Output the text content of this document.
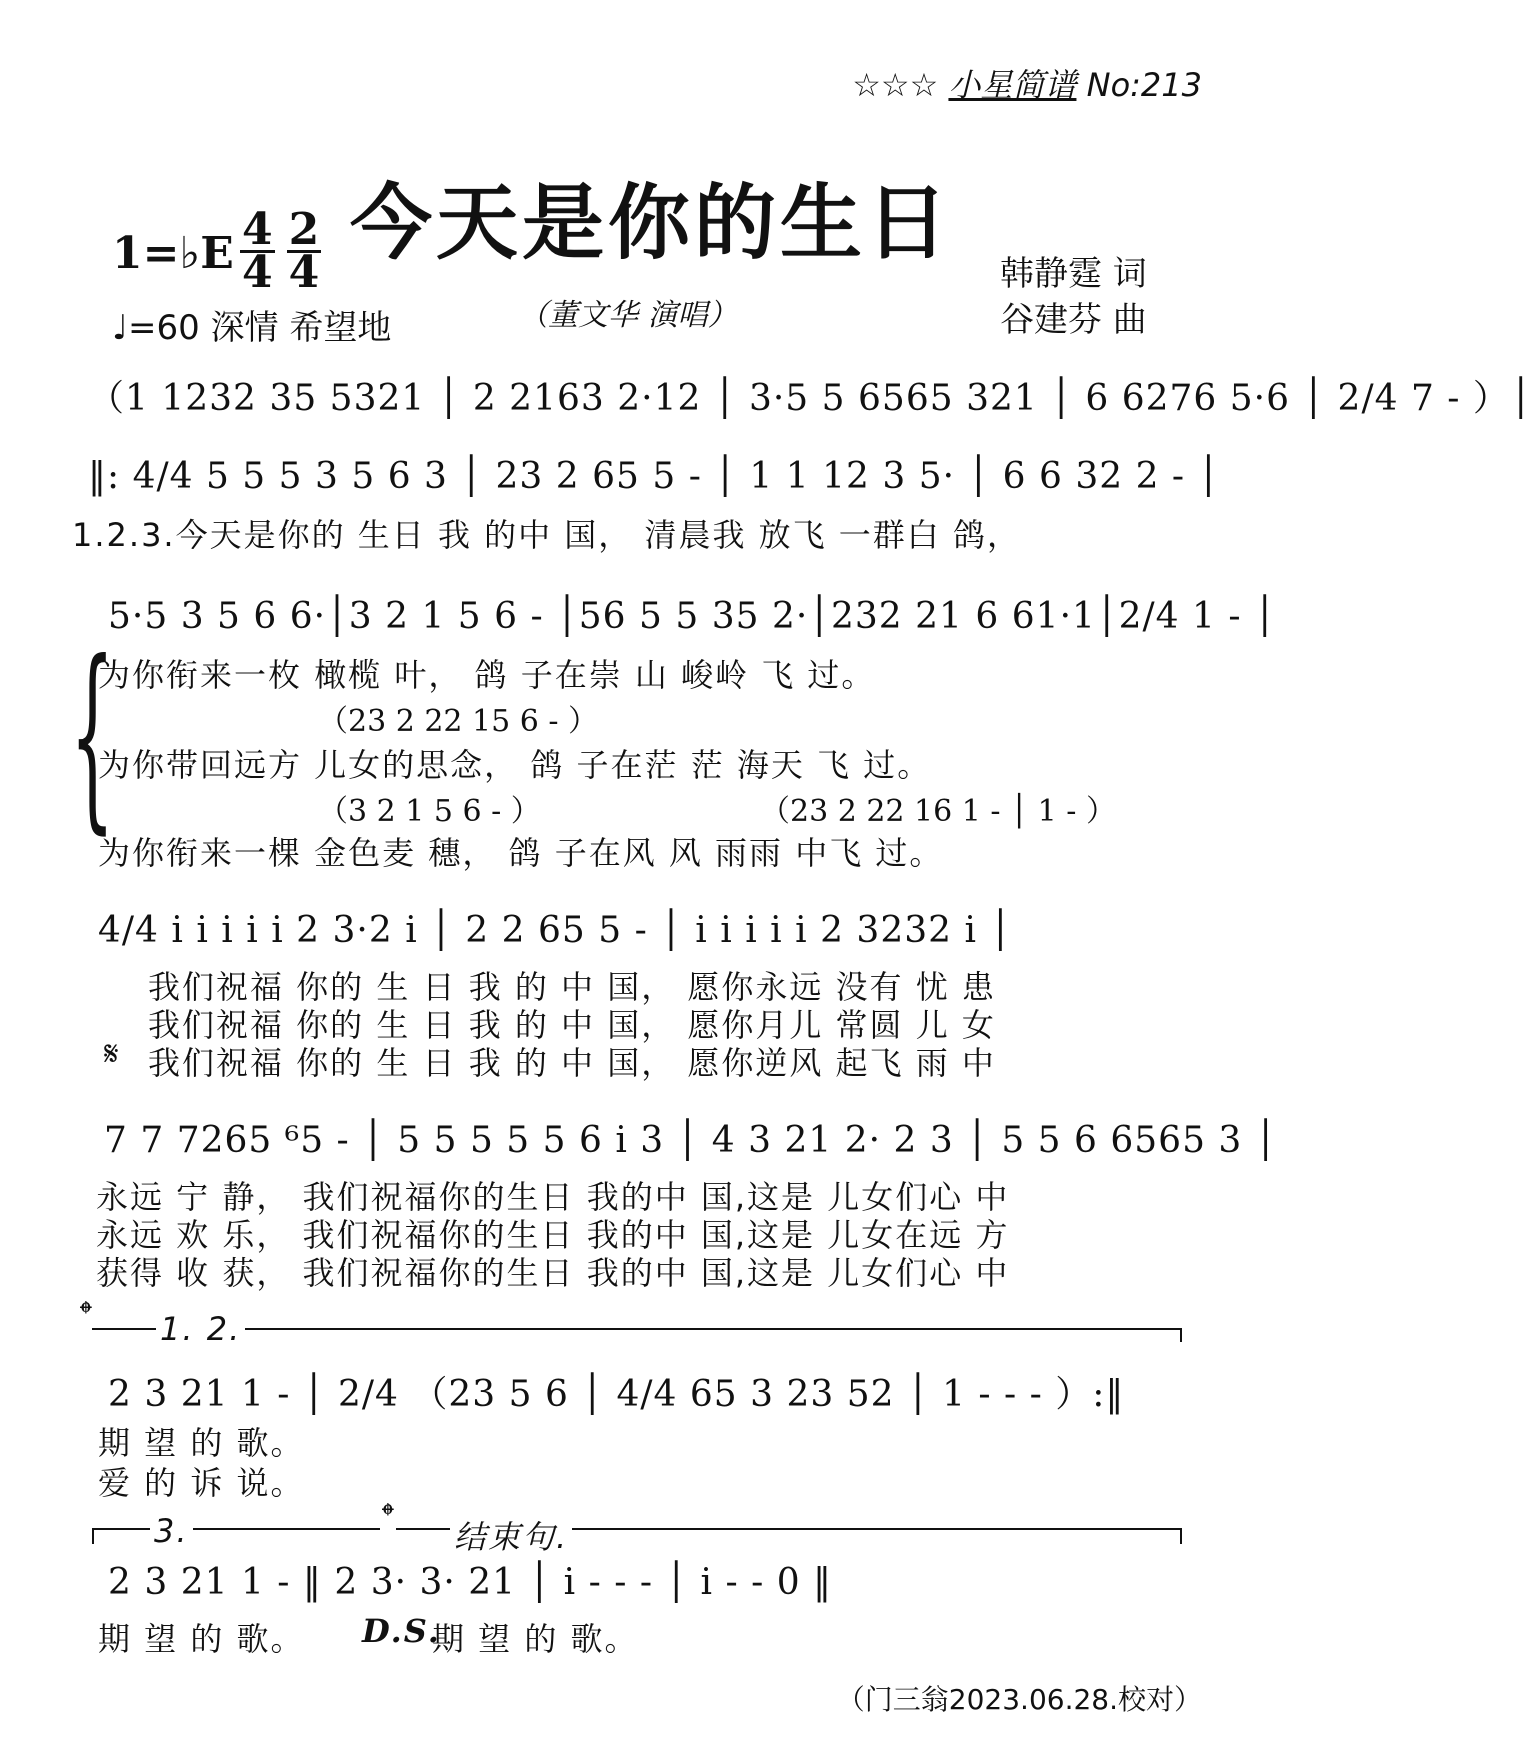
☆☆☆ 小星简谱 No:213
今天是你的生日
1=♭E 4
4
2
4
♩=60 深情 希望地	（董文华 演唱）
韩静霆 词
谷建芬 曲
（1 1232 35 5321 │ 2 2163 2·12 │ 3·5 5 6565 321 │ 6 6276 5·6 │ 2/4 7 - ）│
‖: 4/4 5 5 5 3 5 6 3 │ 23 2 65 5 - │ 1 1 12 3 5· │ 6 6 32 2 - │
1.2.3.今天是你的 生日 我 的中 国， 清晨我 放飞 一群白 鸽，
{
5·5 3 5 6 6·│3 2 1 5 6 - │56 5 5 35 2·│232 21 6 61·1│2/4 1 - │
为你衔来一枚 橄榄 叶， 鸽 子在崇 山 峻岭 飞 过。
（23 2 22 15 6 - ）
为你带回远方 儿女的思念， 鸽 子在茫 茫 海天 飞 过。
（3 2 1 5 6 - ）	（23 2 22 16 1 - │ 1 - ）
为你衔来一棵 金色麦 穗， 鸽 子在风 风 雨雨 中飞 过。
4/4 i i i i i 2 3·2 i │ 2 2 65 5 - │ i i i i i 2 3232 i │
我们祝福 你的 生 日 我 的 中 国， 愿你永远 没有 忧 患
我们祝福 你的 生 日 我 的 中 国， 愿你月儿 常圆 儿 女
𝄋 我们祝福 你的 生 日 我 的 中 国， 愿你逆风 起飞 雨 中
7 7 7265 ⁶5 - │ 5 5 5 5 5 6 i 3 │ 4 3 21 2· 2 3 │ 5 5 6 6565 3 │
永远 宁 静， 我们祝福你的生日 我的中 国,这是 儿女们心 中
永远 欢 乐， 我们祝福你的生日 我的中 国,这是 儿女在远 方
获得 收 获， 我们祝福你的生日 我的中 国,这是 儿女们心 中
𝄌 1. 2.
2 3 21 1 - │ 2/4 （23 5 6 │ 4/4 65 3 23 52 │ 1 - - - ）:‖
期 望 的 歌。
爱 的 诉 说。
3.	𝄌
结束句.
2 3 21 1 - ‖ 2 3· 3· 21 │ i - - - │ i - - 0 ‖
期 望 的 歌。 D.S.
期 望 的 歌。
（门三翁2023.06.28.校对）
